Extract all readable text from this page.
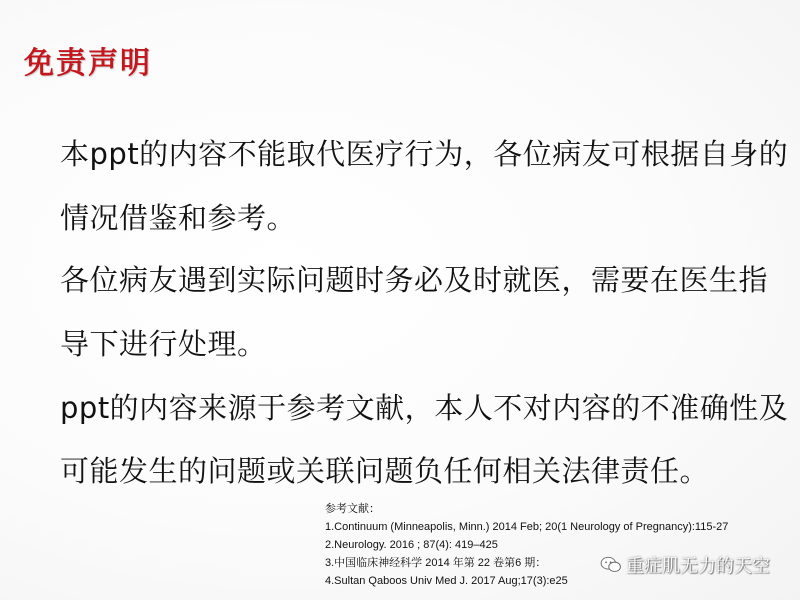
免责声明
本ppt的内容不能取代医疗行为，各位病友可根据自身的
情况借鉴和参考。
各位病友遇到实际问题时务必及时就医，需要在医生指
导下进行处理。
ppt的内容来源于参考文献，本人不对内容的不准确性及
可能发生的问题或关联问题负任何相关法律责任。
参考文献：
1.Continuum (Minneapolis, Minn.) 2014 Feb; 20(1 Neurology of Pregnancy):115-27
2.Neurology. 2016 ; 87(4): 419–425
3.中国临床神经科学 2014 年第 22 卷第6 期：
4.Sultan Qaboos Univ Med J. 2017 Aug;17(3):e25
重症肌无力的天空
